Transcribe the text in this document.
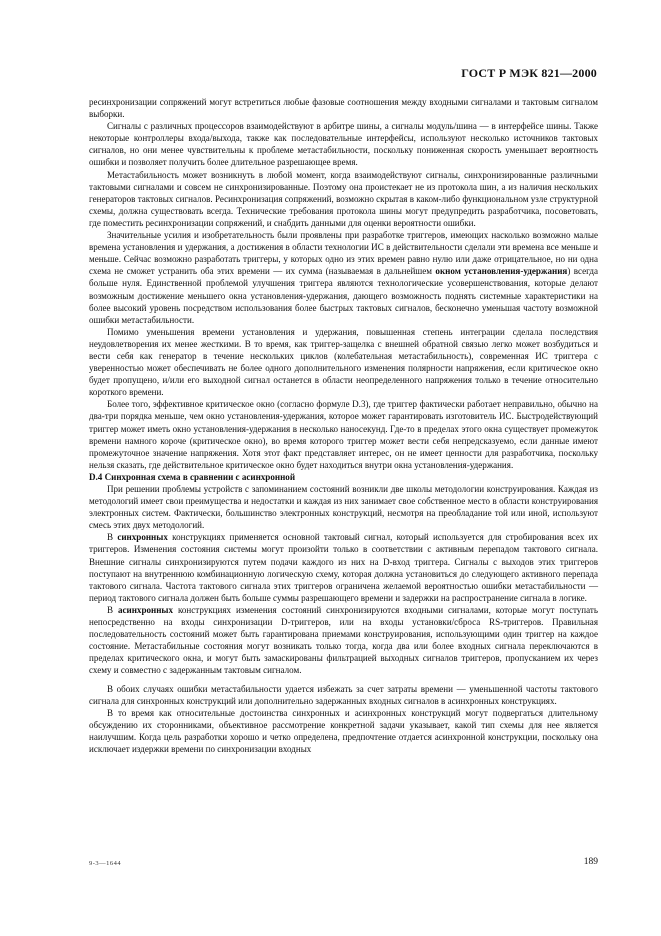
ГОСТ Р МЭК 821—2000

ресинхронизации сопряжений могут встретиться любые фазовые соотношения между входными сигналами и тактовым сигналом выборки.

Сигналы с различных процессоров взаимодействуют в арбитре шины, а сигналы модуль/шина — в интерфейсе шины. Также некоторые контроллеры входа/выхода, также как последовательные интерфейсы, используют несколько источников тактовых сигналов, но они менее чувствительны к проблеме метастабильности, поскольку пониженная скорость уменьшает вероятность ошибки и позволяет получить более длительное разрешающее время.

Метастабильность может возникнуть в любой момент, когда взаимодействуют сигналы, синхронизированные различными тактовыми сигналами и совсем не синхронизированные. Поэтому она проистекает не из протокола шин, а из наличия нескольких генераторов тактовых сигналов. Ресинхронизация сопряжений, возможно скрытая в каком-либо функциональном узле структурной схемы, должна существовать всегда. Технические требования протокола шины могут предупредить разработчика, посоветовать, где поместить ресинхронизации сопряжений, и снабдить данными для оценки вероятности ошибки.

Значительные усилия и изобретательность были проявлены при разработке триггеров, имеющих насколько возможно малые времена установления и удержания, а достижения в области технологии ИС в действительности сделали эти времена все меньше и меньше. Сейчас возможно разработать триггеры, у которых одно из этих времен равно нулю или даже отрицательное, но ни одна схема не сможет устранить оба этих времени — их сумма (называемая в дальнейшем окном установления-удержания) всегда больше нуля. Единственной проблемой улучшения триггера являются технологические усовершенствования, которые делают возможным достижение меньшего окна установления-удержания, дающего возможность поднять системные характеристики на более высокий уровень посредством использования более быстрых тактовых сигналов, бесконечно уменьшая частоту возможной ошибки метастабильности.

Помимо уменьшения времени установления и удержания, повышенная степень интеграции сделала последствия неудовлетворения их менее жесткими. В то время, как триггер-защелка с внешней обратной связью легко может возбудиться и вести себя как генератор в течение нескольких циклов (колебательная метастабильность), современная ИС триггера с уверенностью может обеспечивать не более одного дополнительного изменения полярности напряжения, если критическое окно будет пропущено, и/или его выходной сигнал останется в области неопределенного напряжения только в течение относительно короткого времени.

Более того, эффективное критическое окно (согласно формуле D.3), где триггер фактически работает неправильно, обычно на два-три порядка меньше, чем окно установления-удержания, которое может гарантировать изготовитель ИС. Быстродействующий триггер может иметь окно установления-удержания в несколько наносекунд. Где-то в пределах этого окна существует промежуток времени намного короче (критическое окно), во время которого триггер может вести себя непредсказуемо, если данные имеют промежуточное значение напряжения. Хотя этот факт представляет интерес, он не имеет ценности для разработчика, поскольку нельзя сказать, где действительное критическое окно будет находиться внутри окна установления-удержания.

D.4 Синхронная схема в сравнении с асинхронной

При решении проблемы устройств с запоминанием состояний возникли две школы методологии конструирования. Каждая из методологий имеет свои преимущества и недостатки и каждая из них занимает свое собственное место в области конструирования электронных систем. Фактически, большинство электронных конструкций, несмотря на преобладание той или иной, используют смесь этих двух методологий.

В синхронных конструкциях применяется основной тактовый сигнал, который используется для стробирования всех их триггеров. Изменения состояния системы могут произойти только в соответствии с активным перепадом тактового сигнала. Внешние сигналы синхронизируются путем подачи каждого из них на D-вход триггера. Сигналы с выходов этих триггеров поступают на внутреннюю комбинационную логическую схему, которая должна установиться до следующего активного перепада тактового сигнала. Частота тактового сигнала этих триггеров ограничена желаемой вероятностью ошибки метастабильности — период тактового сигнала должен быть больше суммы разрешающего времени и задержки на распространение сигнала в логике.

В асинхронных конструкциях изменения состояний синхронизируются входными сигналами, которые могут поступать непосредственно на входы синхронизации D-триггеров, или на входы установки/сброса RS-триггеров. Правильная последовательность состояний может быть гарантирована приемами конструирования, использующими один триггер на каждое состояние. Метастабильные состояния могут возникать только тогда, когда два или более входных сигнала переключаются в пределах критического окна, и могут быть замаскированы фильтрацией выходных сигналов триггеров, пропусканием их через схему и совместно с задержанным тактовым сигналом.

В обоих случаях ошибки метастабильности удается избежать за счет затраты времени — уменьшенной частоты тактового сигнала для синхронных конструкций или дополнительно задержанных входных сигналов в асинхронных конструкциях.

В то время как относительные достоинства синхронных и асинхронных конструкций могут подвергаться длительному обсуждению их сторонниками, объективное рассмотрение конкретной задачи указывает, какой тип схемы для нее является наилучшим. Когда цель разработки хорошо и четко определена, предпочтение отдается асинхронной конструкции, поскольку она исключает издержки времени по синхронизации входных

9-3—1644	189
